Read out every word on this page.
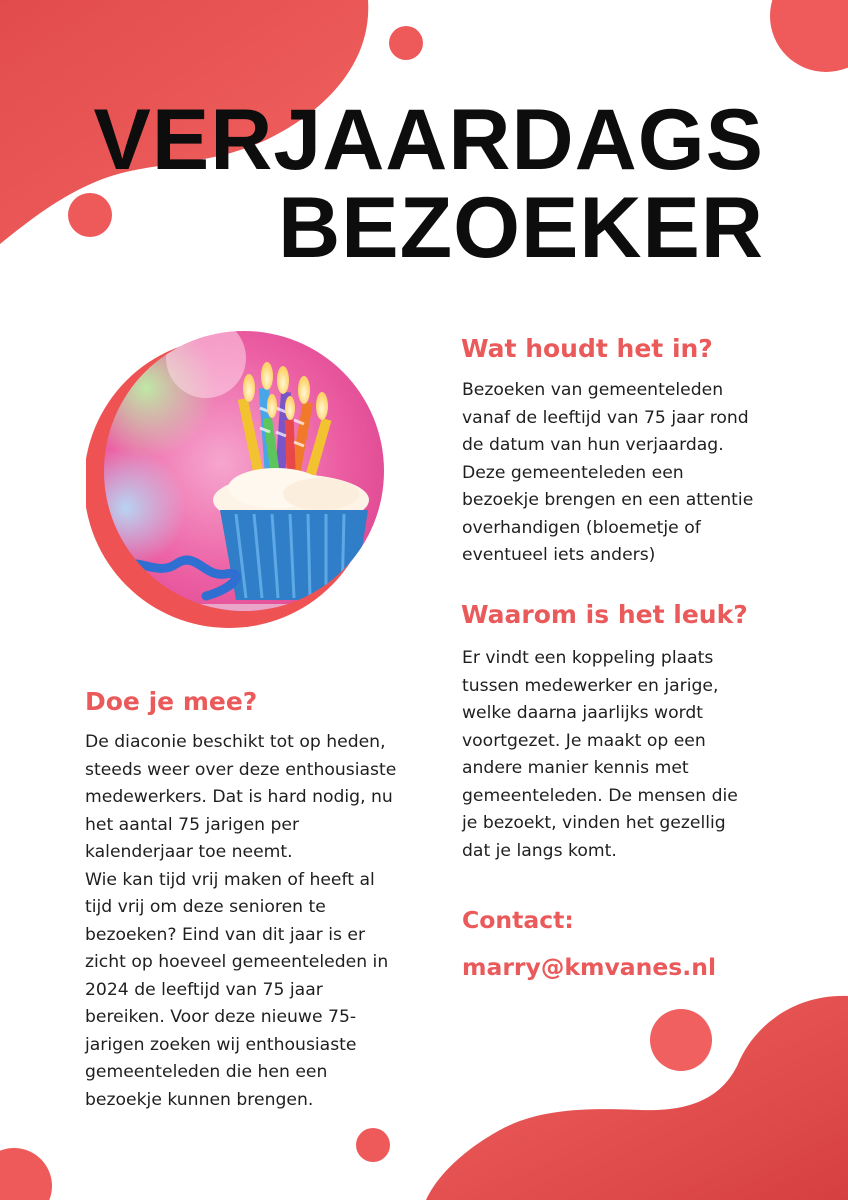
VERJAARDAGS
BEZOEKER
Wat houdt het in?

Bezoeken van gemeenteleden
vanaf de leeftijd van 75 jaar rond
de datum van hun verjaardag.
Deze gemeenteleden een
bezoekje brengen en een attentie
overhandigen (bloemetje of
eventueel iets anders)

Waarom is het leuk?

Er vindt een koppeling plaats
tussen medewerker en jarige,
welke daarna jaarlijks wordt
voortgezet. Je maakt op een
andere manier kennis met
gemeenteleden. De mensen die
je bezoekt, vinden het gezellig
dat je langs komt.

Doe je mee?

De diaconie beschikt tot op heden,
steeds weer over deze enthousiaste
medewerkers. Dat is hard nodig, nu
het aantal 75 jarigen per
kalenderjaar toe neemt.
Wie kan tijd vrij maken of heeft al
tijd vrij om deze senioren te
bezoeken? Eind van dit jaar is er
zicht op hoeveel gemeenteleden in
2024 de leeftijd van 75 jaar
bereiken. Voor deze nieuwe 75-
jarigen zoeken wij enthousiaste
gemeenteleden die hen een
bezoekje kunnen brengen.

Contact:

marry@kmvanes.nl
